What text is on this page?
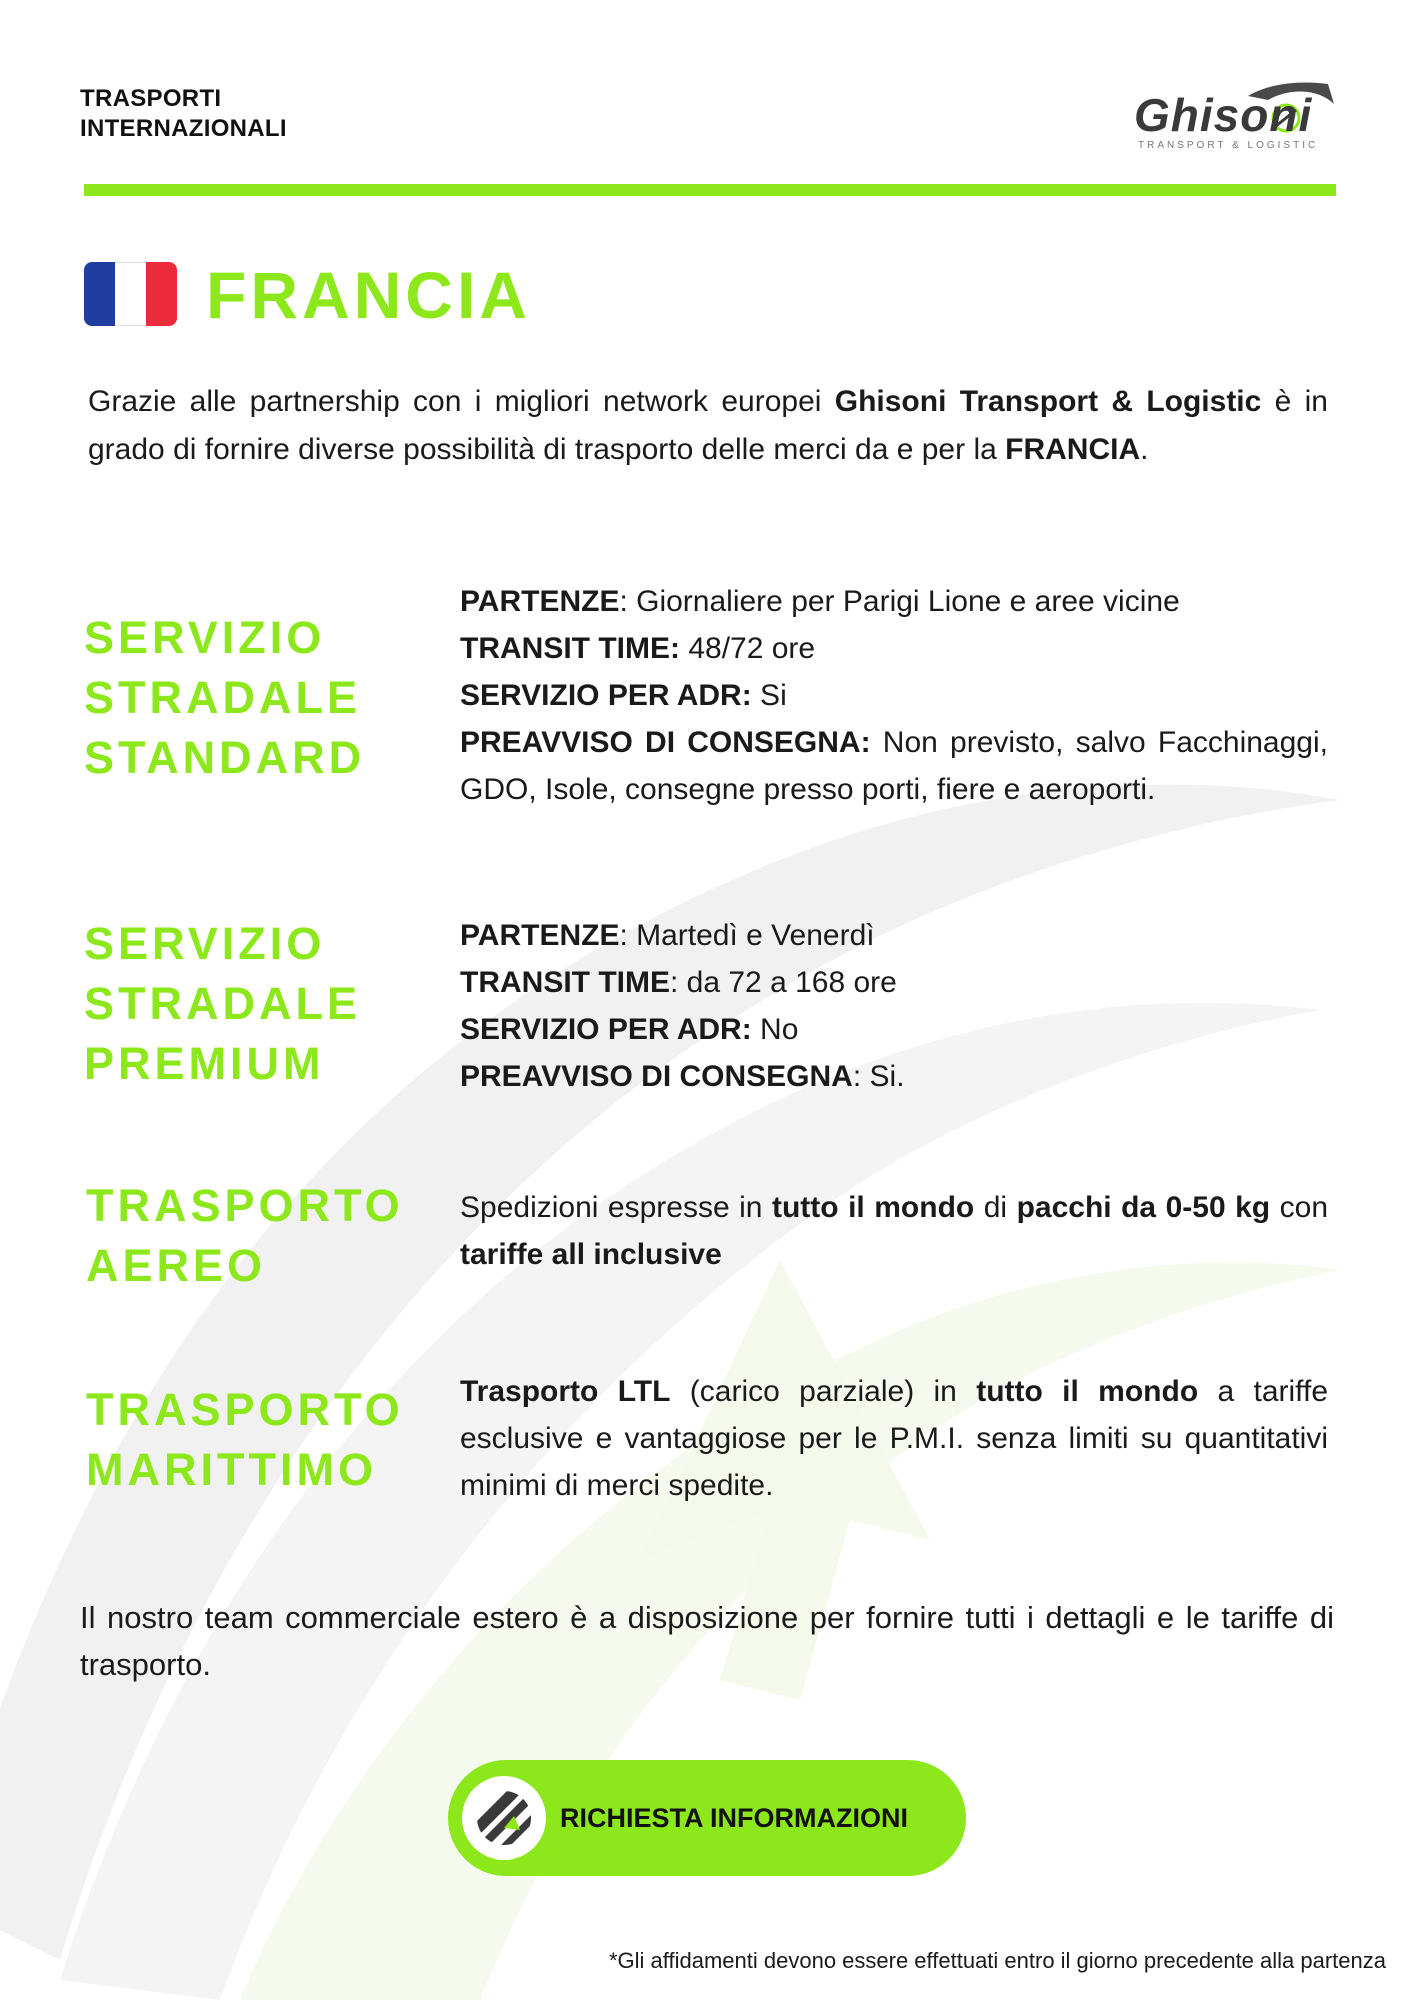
TRASPORTI
INTERNAZIONALI	Ghisoni
TRANSPORT & LOGISTIC
FRANCIA
Grazie alle partnership con i migliori network europei Ghisoni Transport & Logistic è in grado di fornire diverse possibilità di trasporto delle merci da e per la FRANCIA.
SERVIZIO
STRADALE
STANDARD
PARTENZE: Giornaliere per Parigi Lione e aree vicine
TRANSIT TIME: 48/72 ore
SERVIZIO PER ADR: Si
PREAVVISO DI CONSEGNA: Non previsto, salvo Facchinaggi, GDO, Isole, consegne presso porti, fiere e aeroporti.
SERVIZIO
STRADALE
PREMIUM
PARTENZE: Martedì e Venerdì
TRANSIT TIME: da 72 a 168 ore
SERVIZIO PER ADR: No
PREAVVISO DI CONSEGNA: Si.
TRASPORTO
AEREO
Spedizioni espresse in tutto il mondo di pacchi da 0-50 kg con tariffe all inclusive
TRASPORTO
MARITTIMO
Trasporto LTL (carico parziale) in tutto il mondo a tariffe esclusive e vantaggiose per le P.M.I. senza limiti su quantitativi minimi di merci spedite.
Il nostro team commerciale estero è a disposizione per fornire tutti i dettagli e le tariffe di trasporto.
RICHIESTA INFORMAZIONI
*Gli affidamenti devono essere effettuati entro il giorno precedente alla partenza
